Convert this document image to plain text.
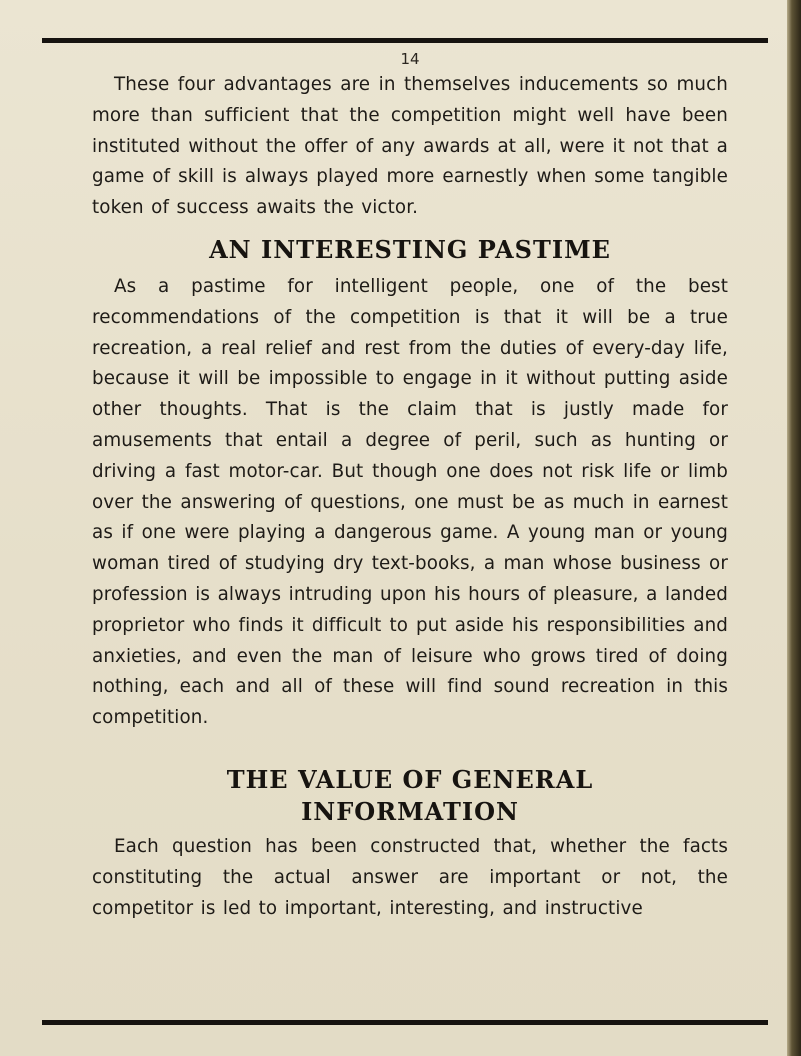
14

These four advantages are in themselves inducements so much more than sufficient that the competition might well have been instituted without the offer of any awards at all, were it not that a game of skill is always played more earnestly when some tangible token of success awaits the victor.

AN INTERESTING PASTIME

As a pastime for intelligent people, one of the best recommendations of the competition is that it will be a true recreation, a real relief and rest from the duties of every-day life, because it will be impossible to engage in it without putting aside other thoughts. That is the claim that is justly made for amusements that entail a degree of peril, such as hunting or driving a fast motor-car. But though one does not risk life or limb over the answering of questions, one must be as much in earnest as if one were playing a dangerous game. A young man or young woman tired of studying dry text-books, a man whose business or profession is always intruding upon his hours of pleasure, a landed proprietor who finds it difficult to put aside his responsibilities and anxieties, and even the man of leisure who grows tired of doing nothing, each and all of these will find sound recreation in this competition.

THE VALUE OF GENERAL
INFORMATION

Each question has been constructed that, whether the facts constituting the actual answer are important or not, the competitor is led to important, interesting, and instructive
